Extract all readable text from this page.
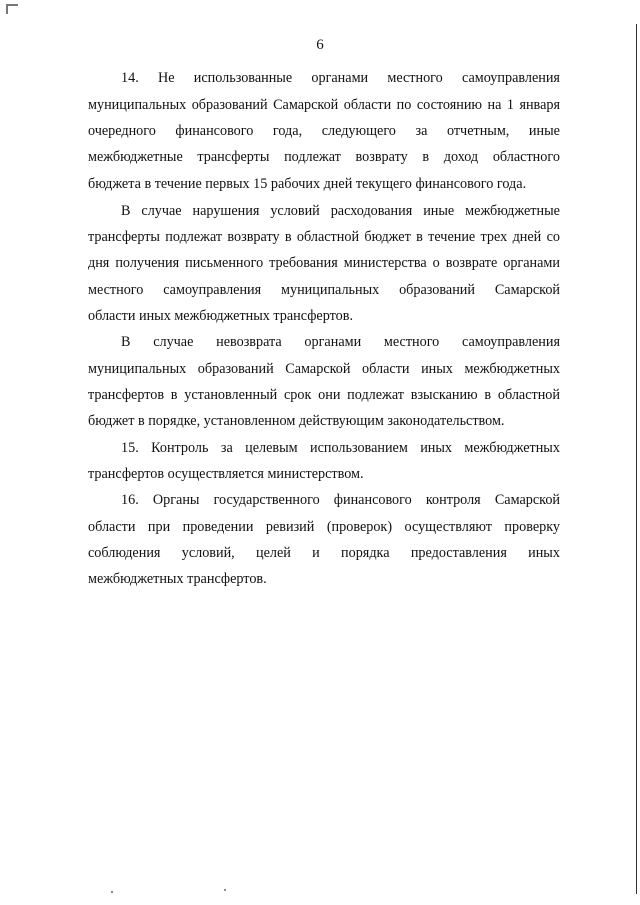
6
14. Не использованные органами местного самоуправления
муниципальных образований Самарской области по состоянию на 1 января
очередного финансового года, следующего за отчетным, иные
межбюджетные трансферты подлежат возврату в доход областного
бюджета в течение первых 15 рабочих дней текущего финансового года.
В случае нарушения условий расходования иные межбюджетные
трансферты подлежат возврату в областной бюджет в течение трех дней со
дня получения письменного требования министерства о возврате органами
местного самоуправления муниципальных образований Самарской
области иных межбюджетных трансфертов.
В случае невозврата органами местного самоуправления
муниципальных образований Самарской области иных межбюджетных
трансфертов в установленный срок они подлежат взысканию в областной
бюджет в порядке, установленном действующим законодательством.
15. Контроль за целевым использованием иных межбюджетных
трансфертов осуществляется министерством.
16. Органы государственного финансового контроля Самарской
области при проведении ревизий (проверок) осуществляют проверку
соблюдения условий, целей и порядка предоставления иных
межбюджетных трансфертов.
